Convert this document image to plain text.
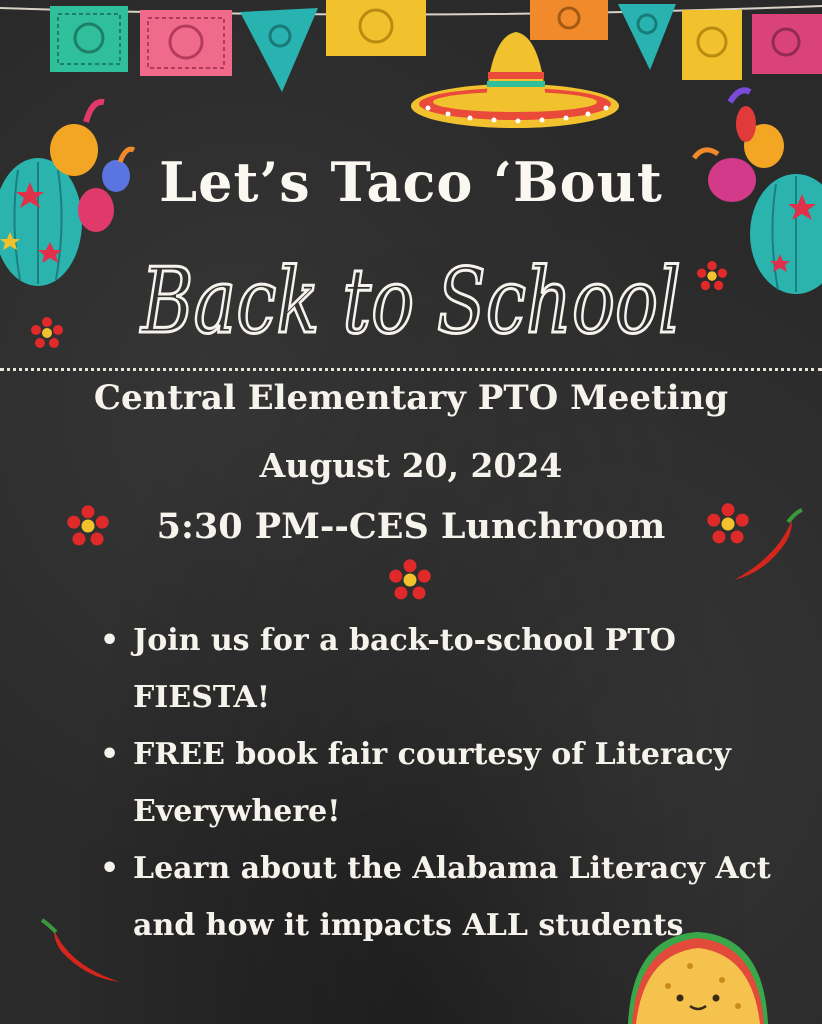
Let’s Taco ‘Bout
Back to School
Central Elementary PTO Meeting
August 20, 2024
5:30 PM--CES Lunchroom
• Join us for a back-to-school PTO FIESTA!
• FREE book fair courtesy of Literacy Everywhere!
• Learn about the Alabama Literacy Act and how it impacts ALL students
